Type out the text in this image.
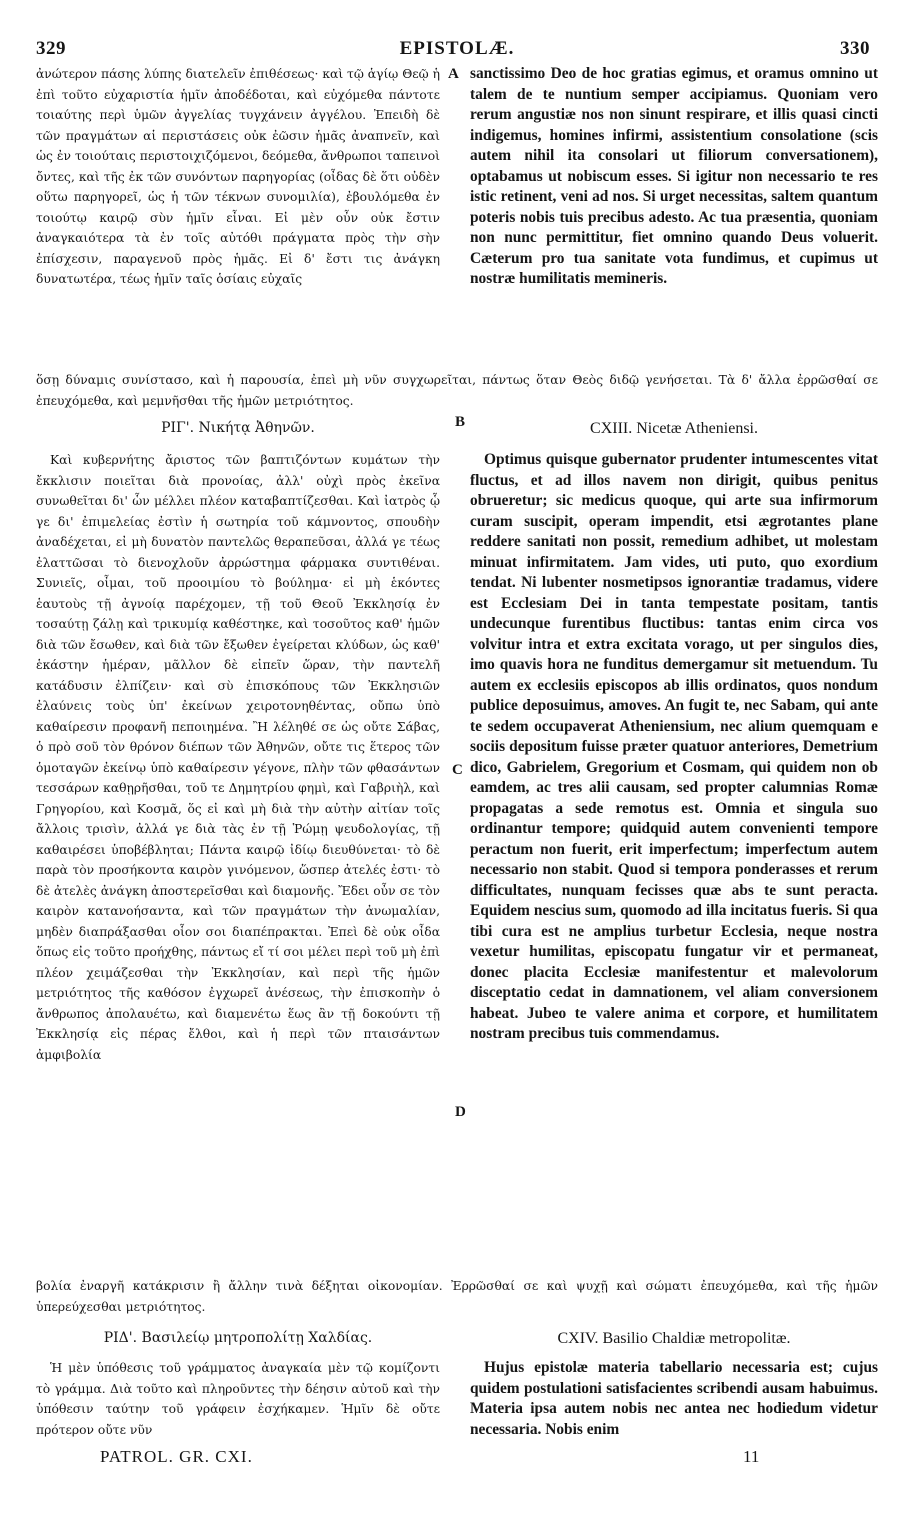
329	EPISTOLÆ.	330

ἀνώτερον πάσης λύπης διατελεῖν ἐπιθέσεως· καὶ τῷ ἁγίῳ Θεῷ ἡ ἐπὶ τοῦτο εὐχαριστία ἡμῖν ἀποδέδοται, καὶ εὐχόμεθα πάντοτε τοιαύτης περὶ ὑμῶν ἀγγελίας τυγχάνειν ἀγγέλου. Ἐπειδὴ δὲ τῶν πραγμάτων αἱ περιστάσεις οὐκ ἐῶσιν ἡμᾶς ἀναπνεῖν, καὶ ὡς ἐν τοιούταις περιστοιχιζόμενοι, δεόμεθα, ἄνθρωποι ταπεινοὶ ὄντες, καὶ τῆς ἐκ τῶν συνόντων παρηγορίας (οἶδας δὲ ὅτι οὐδὲν οὕτω παρηγορεῖ, ὡς ἡ τῶν τέκνων συνομιλία), ἐβουλόμεθα ἐν τοιούτῳ καιρῷ σὺν ἡμῖν εἶναι. Εἰ μὲν οὖν οὐκ ἔστιν ἀναγκαιότερα τὰ ἐν τοῖς αὐτόθι πράγματα πρὸς τὴν σὴν ἐπίσχεσιν, παραγενοῦ πρὸς ἡμᾶς. Εἰ δ' ἔστι τις ἀνάγκη δυνατωτέρα, τέως ἡμῖν ταῖς ὁσίαις εὐχαῖς

sanctissimo Deo de hoc gratias egimus, et oramus omnino ut talem de te nuntium semper accipiamus. Quoniam vero rerum angustiæ nos non sinunt respirare, et illis quasi cincti indigemus, homines infirmi, assistentium consolatione (scis autem nihil ita consolari ut filiorum conversationem), optabamus ut nobiscum esses. Si igitur non necessario te res istic retinent, veni ad nos. Si urget necessitas, saltem quantum poteris nobis tuis precibus adesto. Ac tua præsentia, quoniam non nunc permittitur, fiet omnino quando Deus voluerit. Cæterum pro tua sanitate vota fundimus, et cupimus ut nostræ humilitatis memineris.

ὅσῃ δύναμις συνίστασο, καὶ ἡ παρουσία, ἐπεὶ μὴ νῦν συγχωρεῖται, πάντως ὅταν Θεὸς διδῷ γενήσεται. Τὰ δ' ἄλλα ἐρρῶσθαί σε ἐπευχόμεθα, καὶ μεμνῆσθαι τῆς ἡμῶν μετριότητος.

ΡΙΓ'. Νικήτᾳ Ἀθηνῶν.	CXIII. Nicetæ Atheniensi.

Καὶ κυβερνήτης ἄριστος τῶν βαπτιζόντων κυμάτων τὴν ἔκκλισιν ποιεῖται διὰ προνοίας, ἀλλ' οὐχὶ πρὸς ἐκεῖνα συνωθεῖται δι' ὧν μέλλει πλέον καταβαπτίζεσθαι. Καὶ ἰατρὸς ᾧ γε δι' ἐπιμελείας ἐστὶν ἡ σωτηρία τοῦ κάμνοντος, σπουδὴν ἀναδέχεται, εἰ μὴ δυνατὸν παντελῶς θεραπεῦσαι, ἀλλά γε τέως ἐλαττῶσαι τὸ διενοχλοῦν ἀρρώστημα φάρμακα συντιθέναι. Συνιεῖς, οἶμαι, τοῦ προοιμίου τὸ βούλημα· εἰ μὴ ἑκόντες ἑαυτοὺς τῇ ἀγνοίᾳ παρέχομεν, τῇ τοῦ Θεοῦ Ἐκκλησίᾳ ἐν τοσαύτῃ ζάλῃ καὶ τρικυμίᾳ καθέστηκε, καὶ τοσοῦτος καθ' ἡμῶν διὰ τῶν ἔσωθεν, καὶ διὰ τῶν ἔξωθεν ἐγείρεται κλύδων, ὡς καθ' ἑκάστην ἡμέραν, μᾶλλον δὲ εἰπεῖν ὥραν, τὴν παντελῆ κατάδυσιν ἐλπίζειν· καὶ σὺ ἐπισκόπους τῶν Ἐκκλησιῶν ἐλαύνεις τοὺς ὑπ' ἐκείνων χειροτονηθέντας, οὔπω ὑπὸ καθαίρεσιν προφανῆ πεποιημένα. Ἢ λέληθέ σε ὡς οὔτε Σάβας, ὁ πρὸ σοῦ τὸν θρόνον διέπων τῶν Ἀθηνῶν, οὔτε τις ἕτερος τῶν ὁμοταγῶν ἐκείνῳ ὑπὸ καθαίρεσιν γέγονε, πλὴν τῶν φθασάντων τεσσάρων καθῃρῆσθαι, τοῦ τε Δημητρίου φημὶ, καὶ Γαβριὴλ, καὶ Γρηγορίου, καὶ Κοσμᾶ, ὅς εἰ καὶ μὴ διὰ τὴν αὐτὴν αἰτίαν τοῖς ἄλλοις τρισὶν, ἀλλά γε διὰ τὰς ἐν τῇ Ῥώμῃ ψευδολογίας, τῇ καθαιρέσει ὑποβέβληται; Πάντα καιρῷ ἰδίῳ διευθύνεται· τὸ δὲ παρὰ τὸν προσήκοντα καιρὸν γινόμενον, ὥσπερ ἀτελές ἐστι· τὸ δὲ ἀτελὲς ἀνάγκη ἀποστερεῖσθαι καὶ διαμονῆς. Ἔδει οὖν σε τὸν καιρὸν κατανοήσαντα, καὶ τῶν πραγμάτων τὴν ἀνωμαλίαν, μηδὲν διαπράξασθαι οἷον σοι διαπέπρακται. Ἐπεὶ δὲ οὐκ οἶδα ὅπως εἰς τοῦτο προήχθης, πάντως εἴ τί σοι μέλει περὶ τοῦ μὴ ἐπὶ πλέον χειμάζεσθαι τὴν Ἐκκλησίαν, καὶ περὶ τῆς ἡμῶν μετριότητος τῆς καθόσον ἐγχωρεῖ ἀνέσεως, τὴν ἐπισκοπὴν ὁ ἄνθρωπος ἀπολαυέτω, καὶ διαμενέτω ἕως ἂν τῇ δοκούντι τῇ Ἐκκλησίᾳ εἰς πέρας ἔλθοι, καὶ ἡ περὶ τῶν πταισάντων ἀμφιβολία

Optimus quisque gubernator prudenter intumescentes vitat fluctus, et ad illos navem non dirigit, quibus penitus obrueretur; sic medicus quoque, qui arte sua infirmorum curam suscipit, operam impendit, etsi ægrotantes plane reddere sanitati non possit, remedium adhibet, ut molestam minuat infirmitatem. Jam vides, uti puto, quo exordium tendat. Ni lubenter nosmetipsos ignorantiæ tradamus, videre est Ecclesiam Dei in tanta tempestate positam, tantis undecunque furentibus fluctibus: tantas enim circa vos volvitur intra et extra excitata vorago, ut per singulos dies, imo quavis hora ne funditus demergamur sit metuendum. Tu autem ex ecclesiis episcopos ab illis ordinatos, quos nondum publice deposuimus, amoves. An fugit te, nec Sabam, qui ante te sedem occupaverat Atheniensium, nec alium quemquam e sociis depositum fuisse præter quatuor anteriores, Demetrium dico, Gabrielem, Gregorium et Cosmam, qui quidem non ob eamdem, ac tres alii causam, sed propter calumnias Romæ propagatas a sede remotus est. Omnia et singula suo ordinantur tempore; quidquid autem convenienti tempore peractum non fuerit, erit imperfectum; imperfectum autem necessario non stabit. Quod si tempora ponderasses et rerum difficultates, nunquam fecisses quæ abs te sunt peracta. Equidem nescius sum, quomodo ad illa incitatus fueris. Si qua tibi cura est ne amplius turbetur Ecclesia, neque nostra vexetur humilitas, episcopatu fungatur vir et permaneat, donec placita Ecclesiæ manifestentur et malevolorum disceptatio cedat in damnationem, vel aliam conversionem habeat. Jubeo te valere anima et corpore, et humilitatem nostram precibus tuis commendamus.

βολία ἐναργῆ κατάκρισιν ἢ ἄλλην τινὰ δέξηται οἰκονομίαν. Ἐρρῶσθαί σε καὶ ψυχῇ καὶ σώματι ἐπευχόμεθα, καὶ τῆς ἡμῶν ὑπερεύχεσθαι μετριότητος.

ΡΙΔ'. Βασιλείῳ μητροπολίτῃ Χαλδίας.	CXIV. Basilio Chaldiæ metropolitæ.

Ἡ μὲν ὑπόθεσις τοῦ γράμματος ἀναγκαία μὲν τῷ κομίζοντι τὸ γράμμα. Διὰ τοῦτο καὶ πληροῦντες τὴν δέησιν αὐτοῦ καὶ τὴν ὑπόθεσιν ταύτην τοῦ γράφειν ἐσχήκαμεν. Ἡμῖν δὲ οὔτε πρότερον οὔτε νῦν

Hujus epistolæ materia tabellario necessaria est; cujus quidem postulationi satisfacientes scribendi ausam habuimus. Materia ipsa autem nobis nec antea nec hodiedum videtur necessaria. Nobis enim

A
B
C
D
PATROL. GR. CXI.	11
